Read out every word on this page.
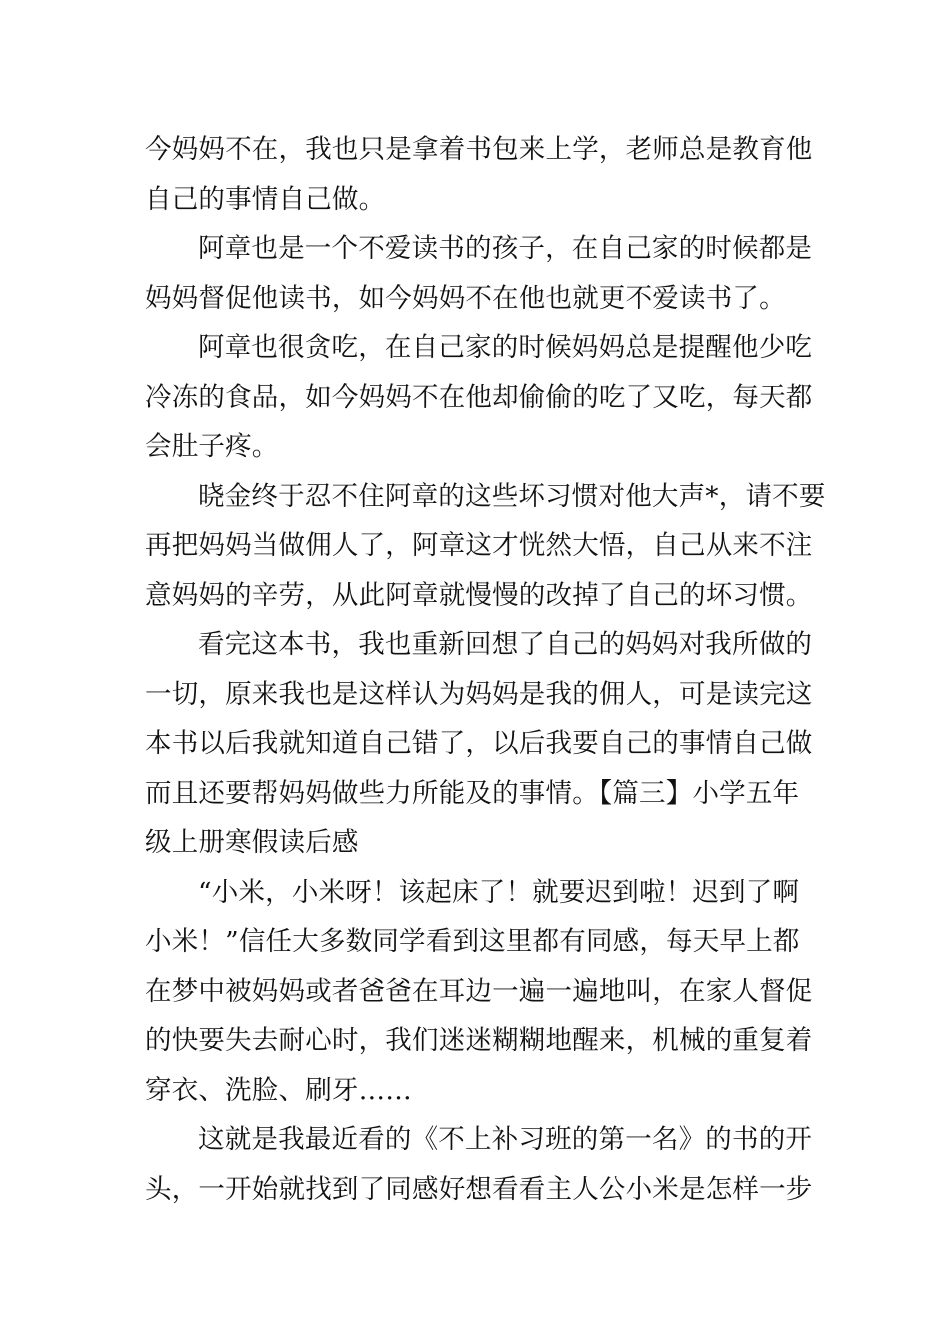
今妈妈不在，我也只是拿着书包来上学，老师总是教育他
自己的事情自己做。
阿章也是一个不爱读书的孩子，在自己家的时候都是
妈妈督促他读书，如今妈妈不在他也就更不爱读书了。
阿章也很贪吃，在自己家的时候妈妈总是提醒他少吃
冷冻的食品，如今妈妈不在他却偷偷的吃了又吃，每天都
会肚子疼。
晓金终于忍不住阿章的这些坏习惯对他大声*，请不要
再把妈妈当做佣人了，阿章这才恍然大悟，自己从来不注
意妈妈的辛劳，从此阿章就慢慢的改掉了自己的坏习惯。
看完这本书，我也重新回想了自己的妈妈对我所做的
一切，原来我也是这样认为妈妈是我的佣人，可是读完这
本书以后我就知道自己错了，以后我要自己的事情自己做
而且还要帮妈妈做些力所能及的事情。【篇三】小学五年
级上册寒假读后感
“小米，小米呀！该起床了！就要迟到啦！迟到了啊
小米！”信任大多数同学看到这里都有同感，每天早上都
在梦中被妈妈或者爸爸在耳边一遍一遍地叫，在家人督促
的快要失去耐心时，我们迷迷糊糊地醒来，机械的重复着
穿衣、洗脸、刷牙……
这就是我最近看的《不上补习班的第一名》的书的开
头，一开始就找到了同感好想看看主人公小米是怎样一步
